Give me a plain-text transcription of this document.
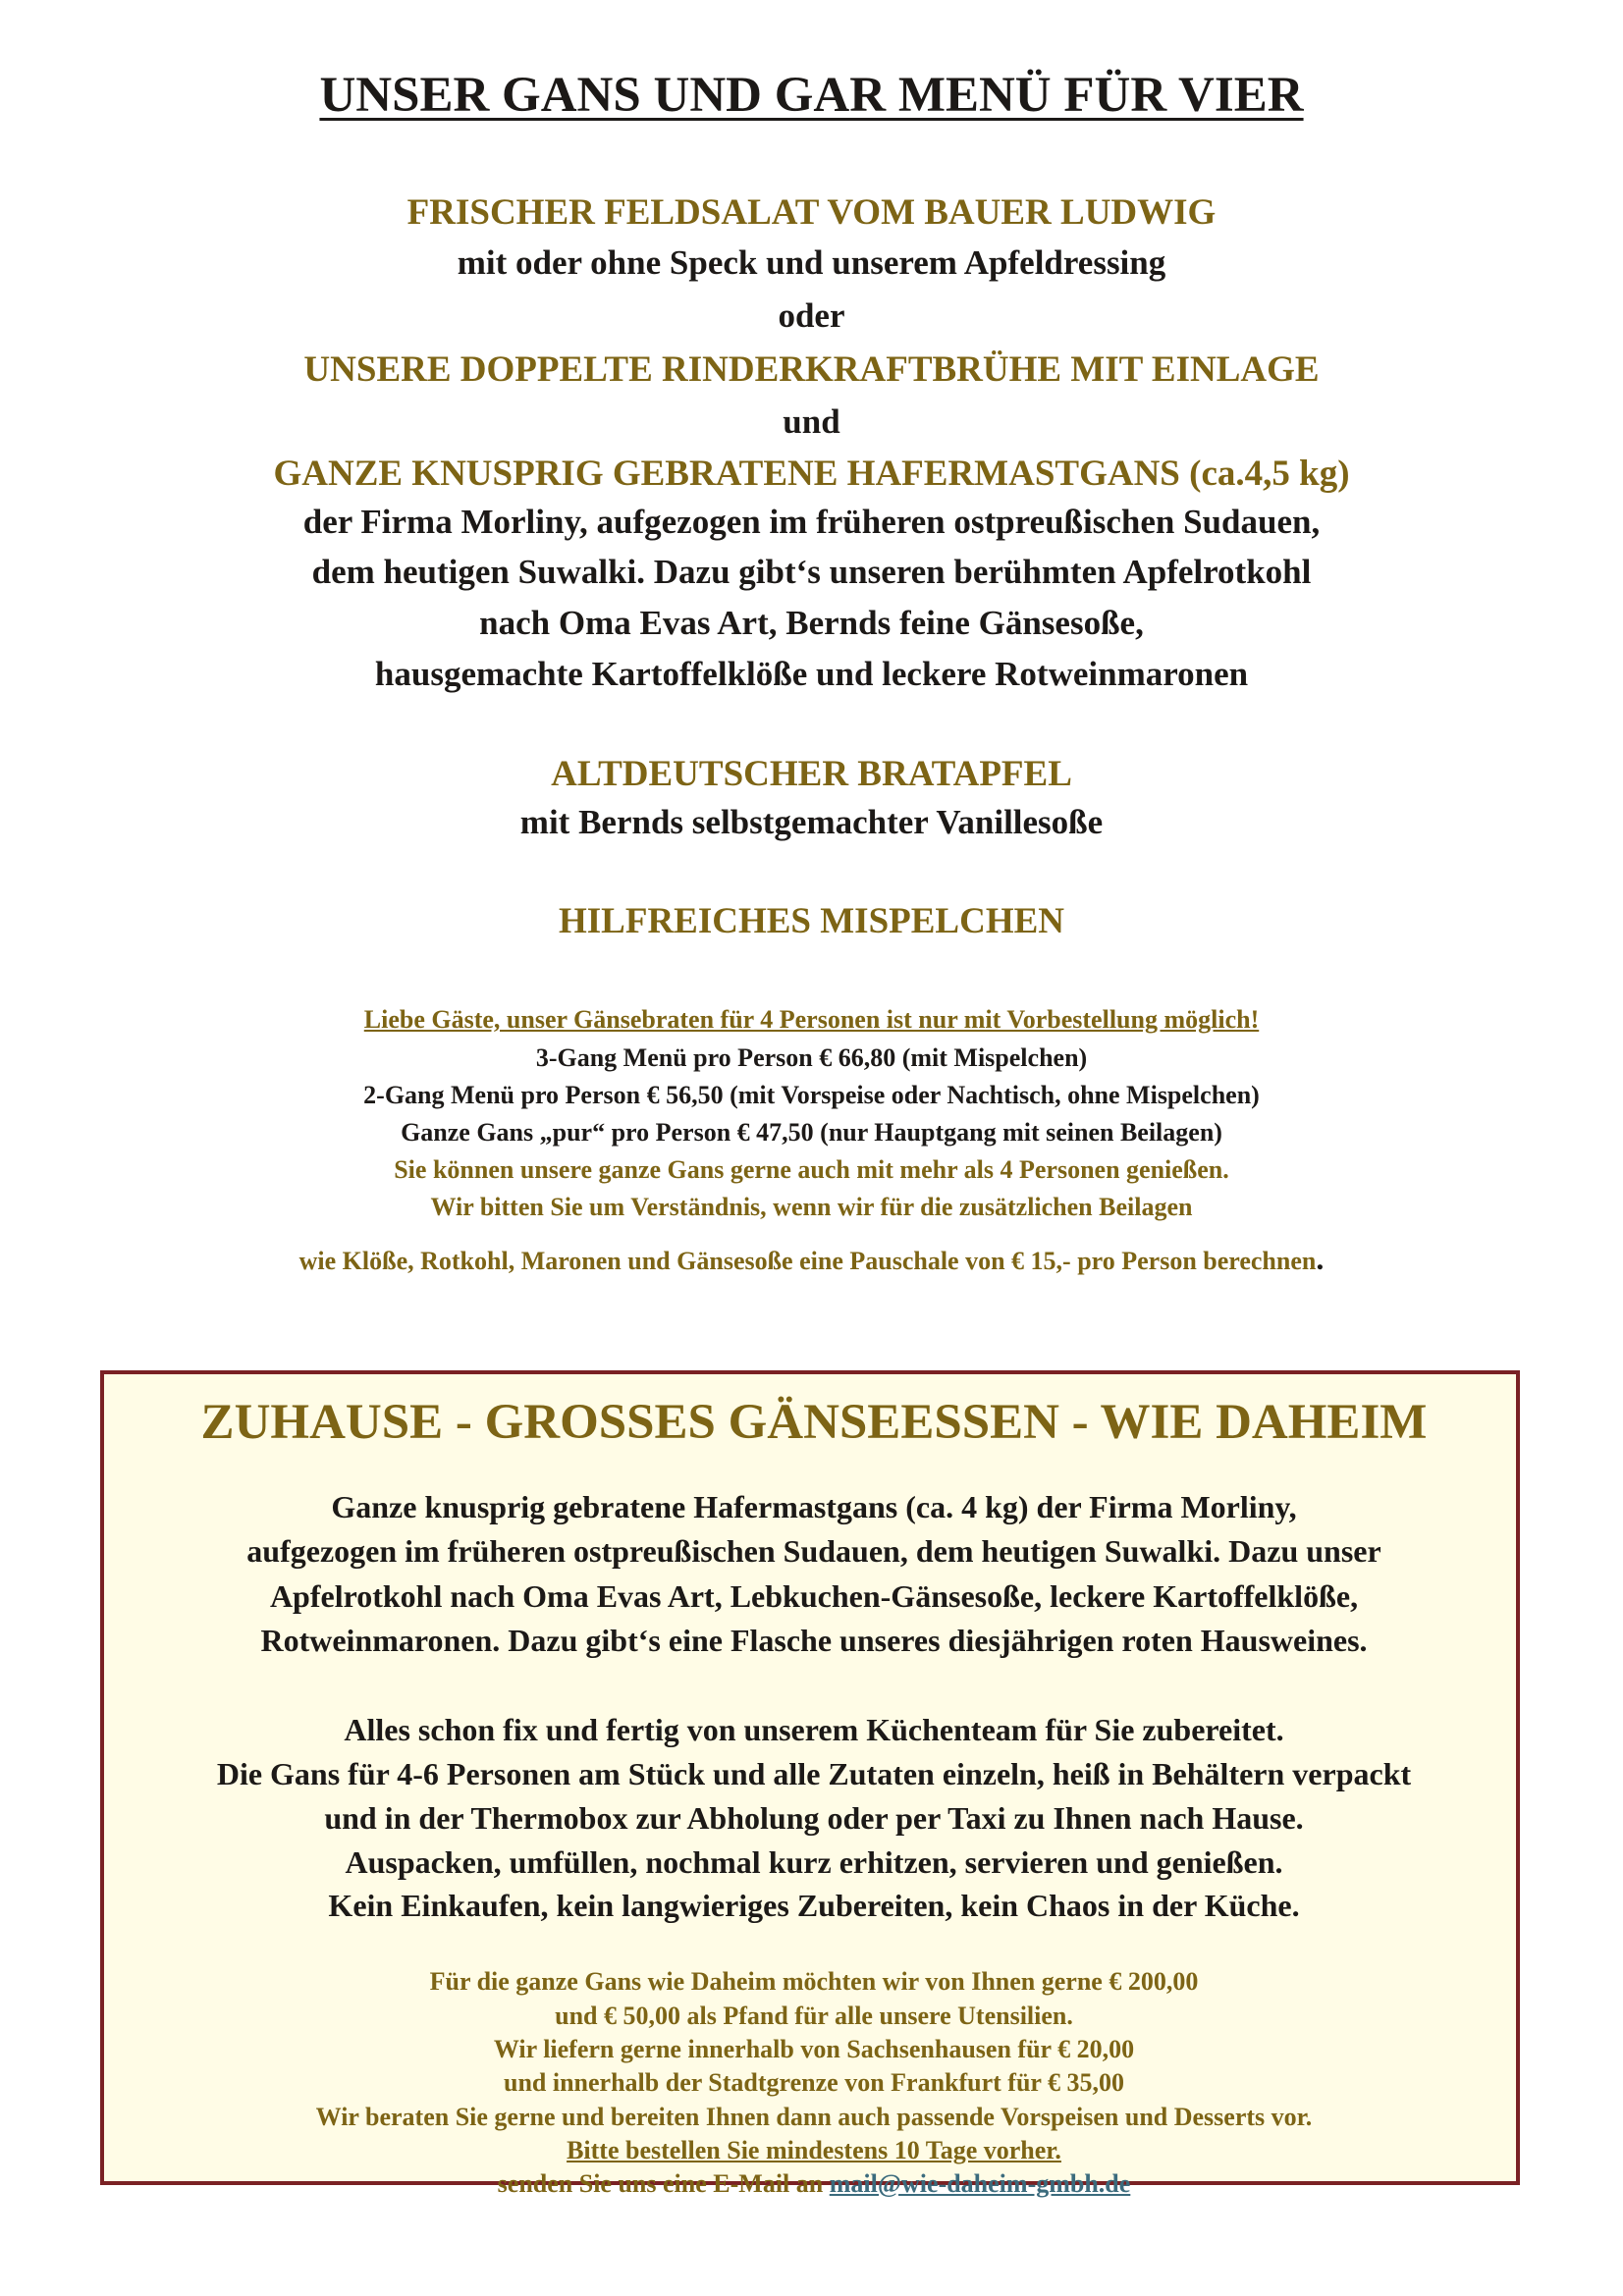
UNSER GANS UND GAR MENÜ FÜR VIER
FRISCHER FELDSALAT VOM BAUER LUDWIG
mit oder ohne Speck und unserem Apfeldressing
oder
UNSERE DOPPELTE RINDERKRAFTBRÜHE MIT EINLAGE
und
GANZE KNUSPRIG GEBRATENE HAFERMASTGANS (ca.4,5 kg)
der Firma Morliny, aufgezogen im früheren ostpreußischen Sudauen,
dem heutigen Suwalki. Dazu gibt‘s unseren berühmten Apfelrotkohl
nach Oma Evas Art, Bernds feine Gänsesoße,
hausgemachte Kartoffelklöße und leckere Rotweinmaronen
ALTDEUTSCHER BRATAPFEL
mit Bernds selbstgemachter Vanillesoße
HILFREICHES MISPELCHEN
Liebe Gäste, unser Gänsebraten für 4 Personen ist nur mit Vorbestellung möglich!
3-Gang Menü pro Person € 66,80 (mit Mispelchen)
2-Gang Menü pro Person € 56,50 (mit Vorspeise oder Nachtisch, ohne Mispelchen)
Ganze Gans „pur“ pro Person € 47,50 (nur Hauptgang mit seinen Beilagen)
Sie können unsere ganze Gans gerne auch mit mehr als 4 Personen genießen.
Wir bitten Sie um Verständnis, wenn wir für die zusätzlichen Beilagen
wie Klöße, Rotkohl, Maronen und Gänsesoße eine Pauschale von € 15,- pro Person berechnen.
ZUHAUSE - GROSSES GÄNSEESSEN - WIE DAHEIM
Ganze knusprig gebratene Hafermastgans (ca. 4 kg) der Firma Morliny,
aufgezogen im früheren ostpreußischen Sudauen, dem heutigen Suwalki. Dazu unser
Apfelrotkohl nach Oma Evas Art, Lebkuchen-Gänsesoße, leckere Kartoffelklöße,
Rotweinmaronen. Dazu gibt‘s eine Flasche unseres diesjährigen roten Hausweines.
Alles schon fix und fertig von unserem Küchenteam für Sie zubereitet.
Die Gans für 4-6 Personen am Stück und alle Zutaten einzeln, heiß in Behältern verpackt
und in der Thermobox zur Abholung oder per Taxi zu Ihnen nach Hause.
Auspacken, umfüllen, nochmal kurz erhitzen, servieren und genießen.
Kein Einkaufen, kein langwieriges Zubereiten, kein Chaos in der Küche.
Für die ganze Gans wie Daheim möchten wir von Ihnen gerne € 200,00
und € 50,00 als Pfand für alle unsere Utensilien.
Wir liefern gerne innerhalb von Sachsenhausen für € 20,00
und innerhalb der Stadtgrenze von Frankfurt für € 35,00
Wir beraten Sie gerne und bereiten Ihnen dann auch passende Vorspeisen und Desserts vor.
Bitte bestellen Sie mindestens 10 Tage vorher.
senden Sie uns eine E-Mail an mail@wie-daheim-gmbh.de
